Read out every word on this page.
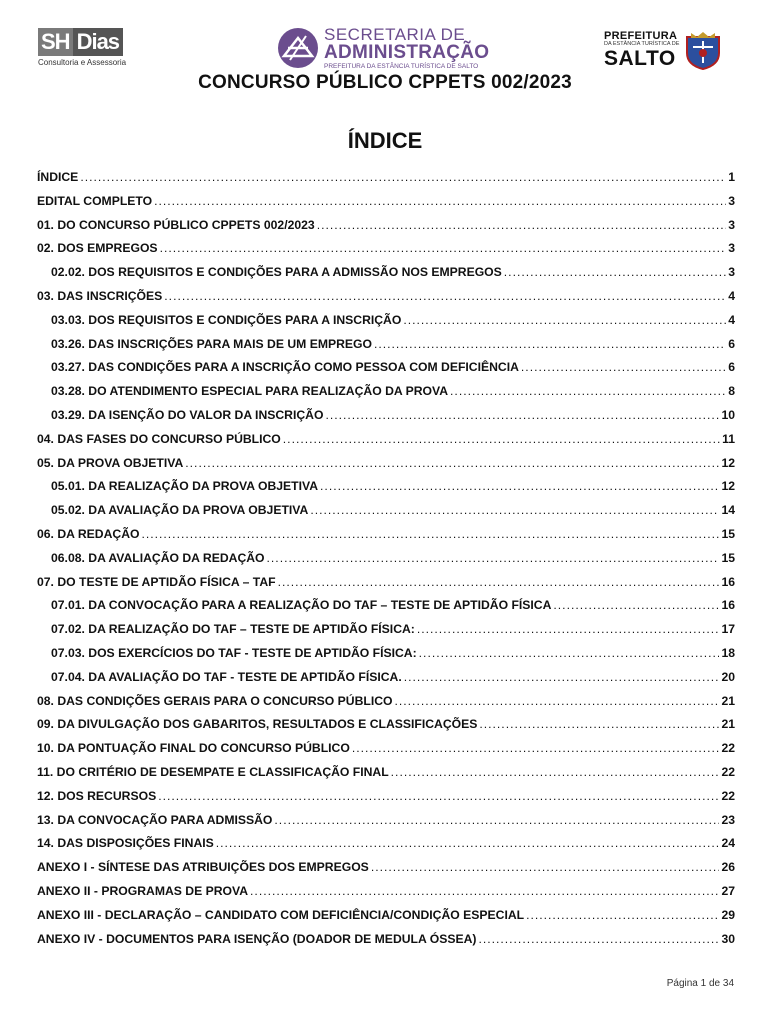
SH Dias
Consultoria e Assessoria
SECRETARIA DE
ADMINISTRAÇÃO
PREFEITURA DA ESTÂNCIA TURÍSTICA DE SALTO
PREFEITURA
DA ESTÂNCIA TURÍSTICA DE
SALTO
CONCURSO PÚBLICO CPPETS 002/2023
ÍNDICE
ÍNDICE .....	1
EDITAL COMPLETO .....	3
01. DO CONCURSO PÚBLICO CPPETS 002/2023 .....	3
02. DOS EMPREGOS .....	3
02.02. DOS REQUISITOS E CONDIÇÕES PARA A ADMISSÃO NOS EMPREGOS .....	3
03. DAS INSCRIÇÕES .....	4
03.03. DOS REQUISITOS E CONDIÇÕES PARA A INSCRIÇÃO .....	4
03.26. DAS INSCRIÇÕES PARA MAIS DE UM EMPREGO .....	6
03.27. DAS CONDIÇÕES PARA A INSCRIÇÃO COMO PESSOA COM DEFICIÊNCIA .....	6
03.28. DO ATENDIMENTO ESPECIAL PARA REALIZAÇÃO DA PROVA .....	8
03.29. DA ISENÇÃO DO VALOR DA INSCRIÇÃO .....	10
04. DAS FASES DO CONCURSO PÚBLICO .....	11
05. DA PROVA OBJETIVA .....	12
05.01. DA REALIZAÇÃO DA PROVA OBJETIVA .....	12
05.02. DA AVALIAÇÃO DA PROVA OBJETIVA .....	14
06. DA REDAÇÃO .....	15
06.08. DA AVALIAÇÃO DA REDAÇÃO .....	15
07. DO TESTE DE APTIDÃO FÍSICA – TAF .....	16
07.01. DA CONVOCAÇÃO PARA A REALIZAÇÃO DO TAF – TESTE DE APTIDÃO FÍSICA .....	16
07.02. DA REALIZAÇÃO DO TAF – TESTE DE APTIDÃO FÍSICA: .....	17
07.03. DOS EXERCÍCIOS DO TAF - TESTE DE APTIDÃO FÍSICA: .....	18
07.04. DA AVALIAÇÃO DO TAF - TESTE DE APTIDÃO FÍSICA. .....	20
08. DAS CONDIÇÕES GERAIS PARA O CONCURSO PÚBLICO .....	21
09. DA DIVULGAÇÃO DOS GABARITOS, RESULTADOS E CLASSIFICAÇÕES .....	21
10. DA PONTUAÇÃO FINAL DO CONCURSO PÚBLICO .....	22
11. DO CRITÉRIO DE DESEMPATE E CLASSIFICAÇÃO FINAL .....	22
12. DOS RECURSOS .....	22
13. DA CONVOCAÇÃO PARA ADMISSÃO .....	23
14. DAS DISPOSIÇÕES FINAIS .....	24
ANEXO I - SÍNTESE DAS ATRIBUIÇÕES DOS EMPREGOS .....	26
ANEXO II - PROGRAMAS DE PROVA .....	27
ANEXO III - DECLARAÇÃO – CANDIDATO COM DEFICIÊNCIA/CONDIÇÃO ESPECIAL .....	29
ANEXO IV - DOCUMENTOS PARA ISENÇÃO (DOADOR DE MEDULA ÓSSEA) .....	30
Página 1 de 34
